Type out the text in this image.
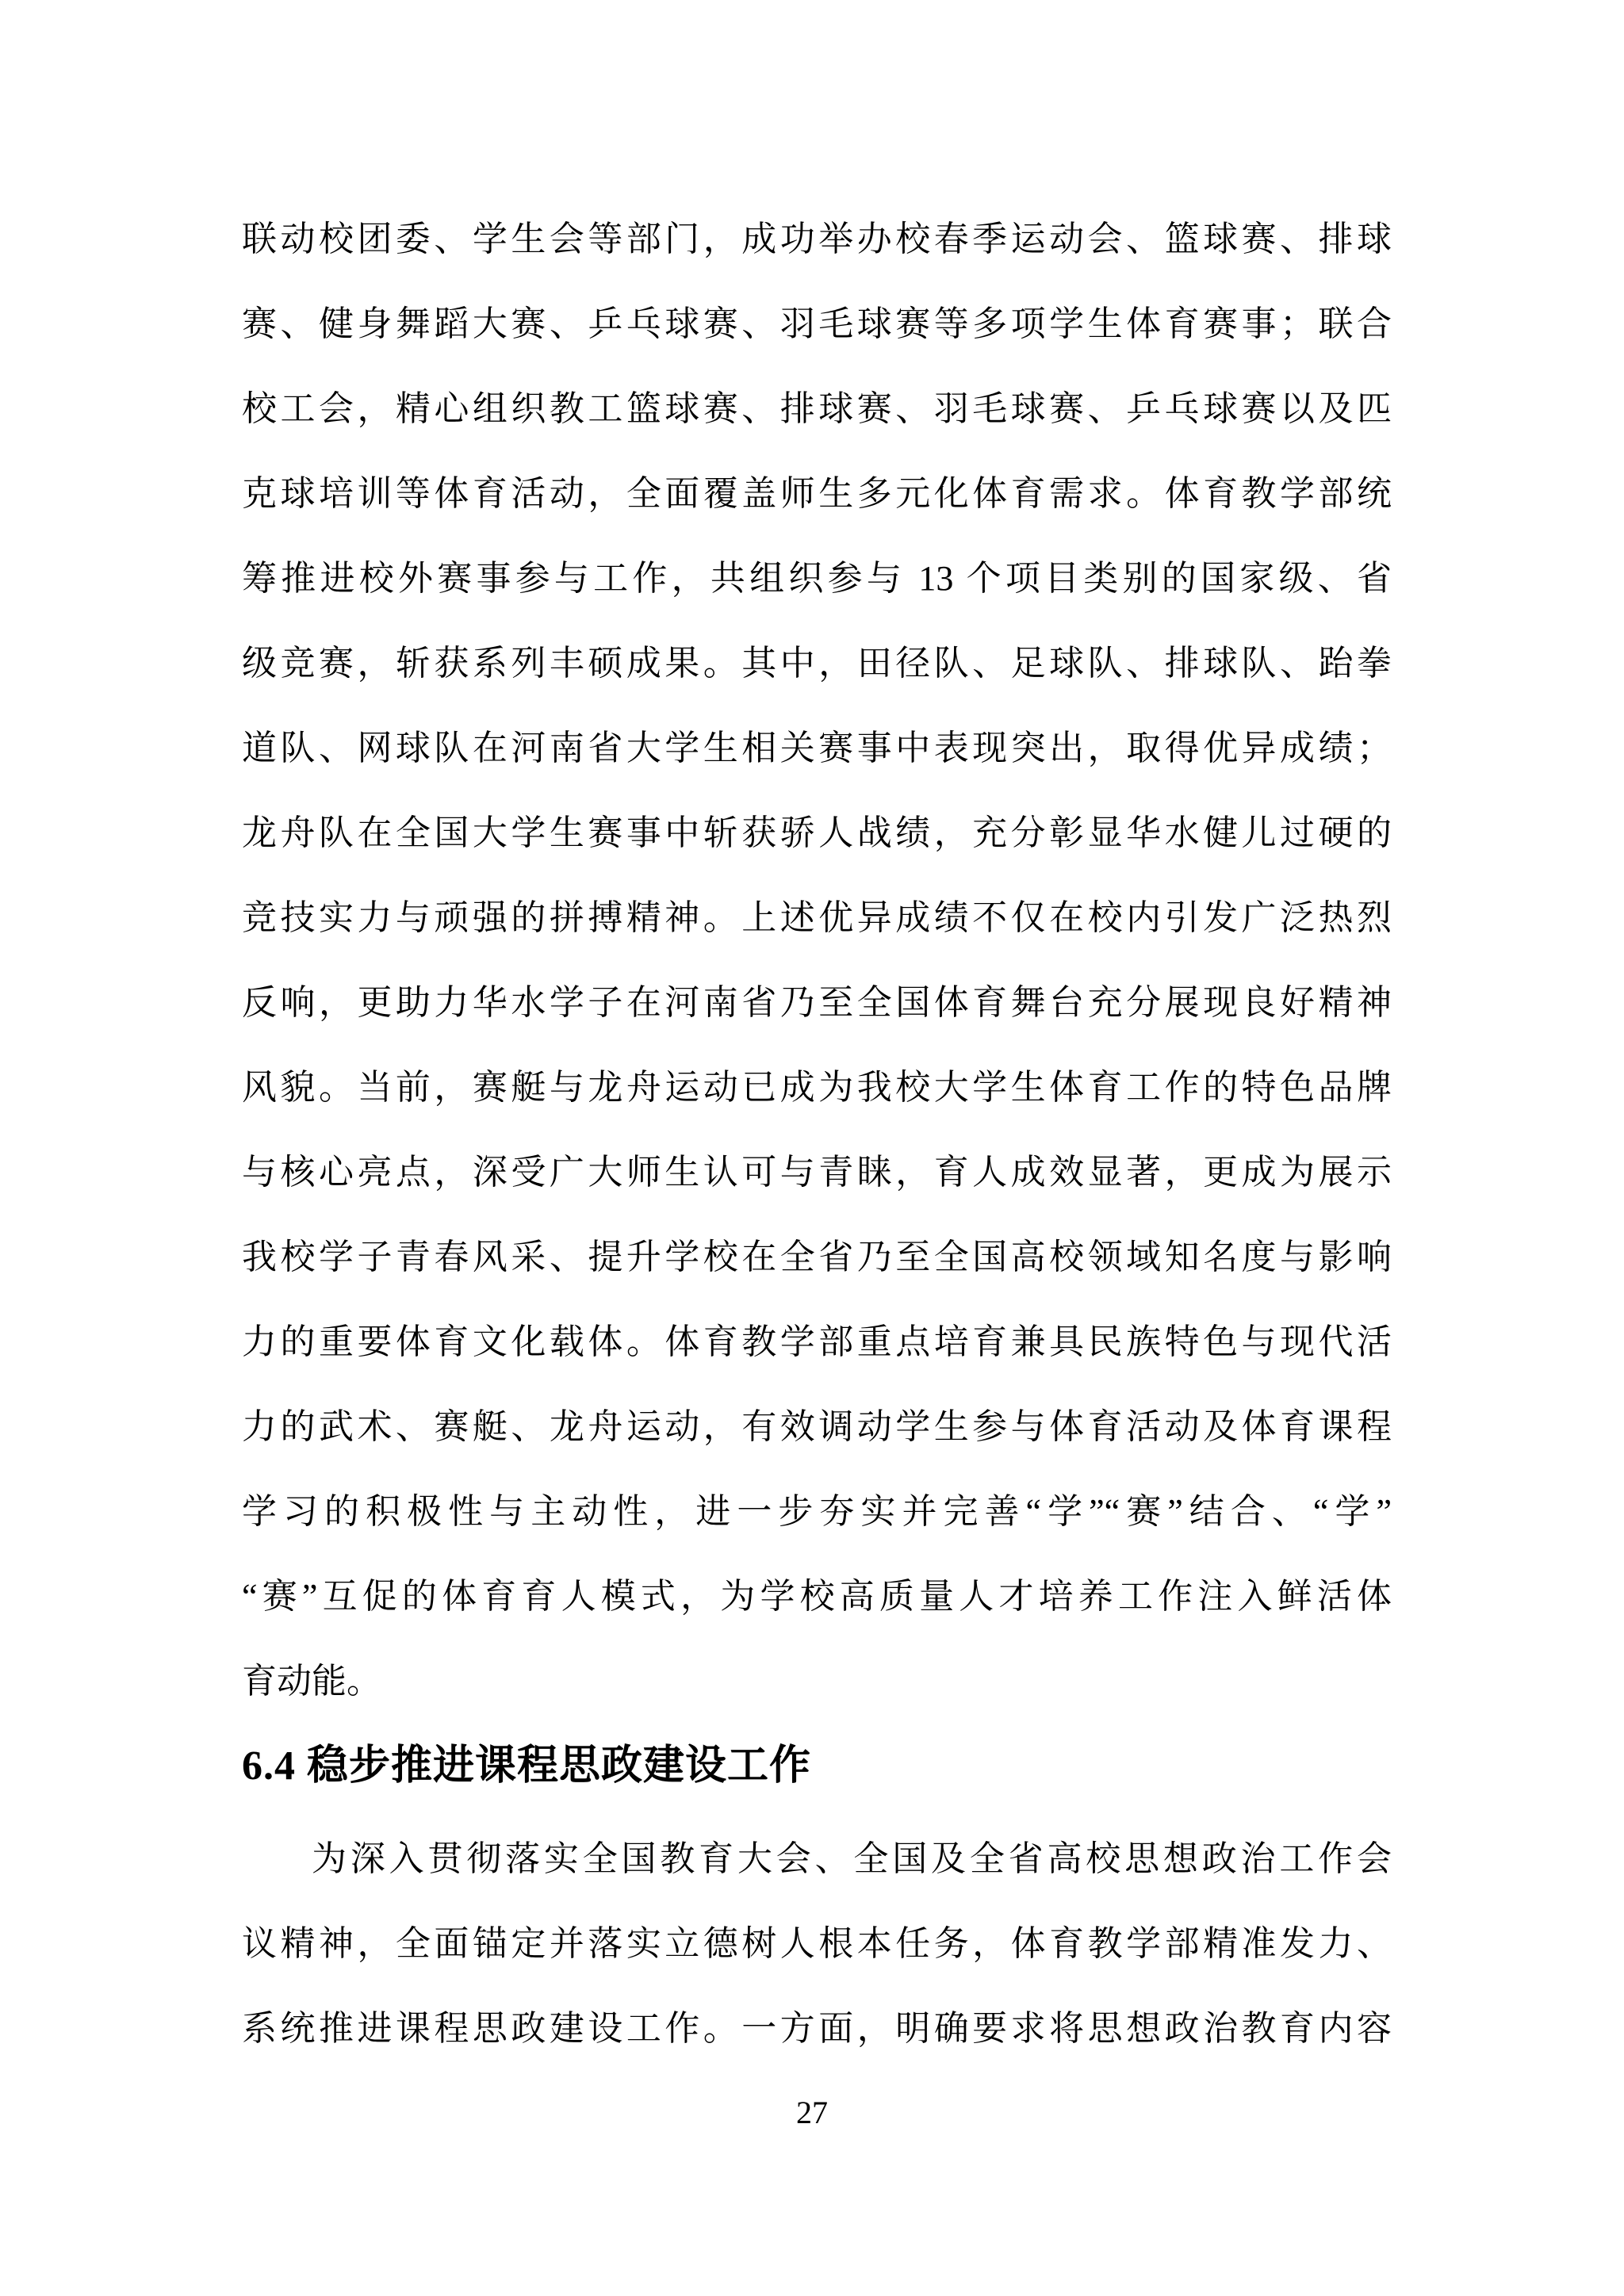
联动校团委、学生会等部门，成功举办校春季运动会、篮球赛、排球
赛、健身舞蹈大赛、乒乓球赛、羽毛球赛等多项学生体育赛事；联合
校工会，精心组织教工篮球赛、排球赛、羽毛球赛、乒乓球赛以及匹
克球培训等体育活动，全面覆盖师生多元化体育需求。体育教学部统
筹推进校外赛事参与工作，共组织参与 13 个项目类别的国家级、省
级竞赛，斩获系列丰硕成果。其中，田径队、足球队、排球队、跆拳
道队、网球队在河南省大学生相关赛事中表现突出，取得优异成绩；
龙舟队在全国大学生赛事中斩获骄人战绩，充分彰显华水健儿过硬的
竞技实力与顽强的拼搏精神。上述优异成绩不仅在校内引发广泛热烈
反响，更助力华水学子在河南省乃至全国体育舞台充分展现良好精神
风貌。当前，赛艇与龙舟运动已成为我校大学生体育工作的特色品牌
与核心亮点，深受广大师生认可与青睐，育人成效显著，更成为展示
我校学子青春风采、提升学校在全省乃至全国高校领域知名度与影响
力的重要体育文化载体。体育教学部重点培育兼具民族特色与现代活
力的武术、赛艇、龙舟运动，有效调动学生参与体育活动及体育课程
学习的积极性与主动性，进一步夯实并完善“学”“赛”结合、“学”
“赛”互促的体育育人模式，为学校高质量人才培养工作注入鲜活体
育动能。
6.4 稳步推进课程思政建设工作
为深入贯彻落实全国教育大会、全国及全省高校思想政治工作会
议精神，全面锚定并落实立德树人根本任务，体育教学部精准发力、
系统推进课程思政建设工作。一方面，明确要求将思想政治教育内容
27
